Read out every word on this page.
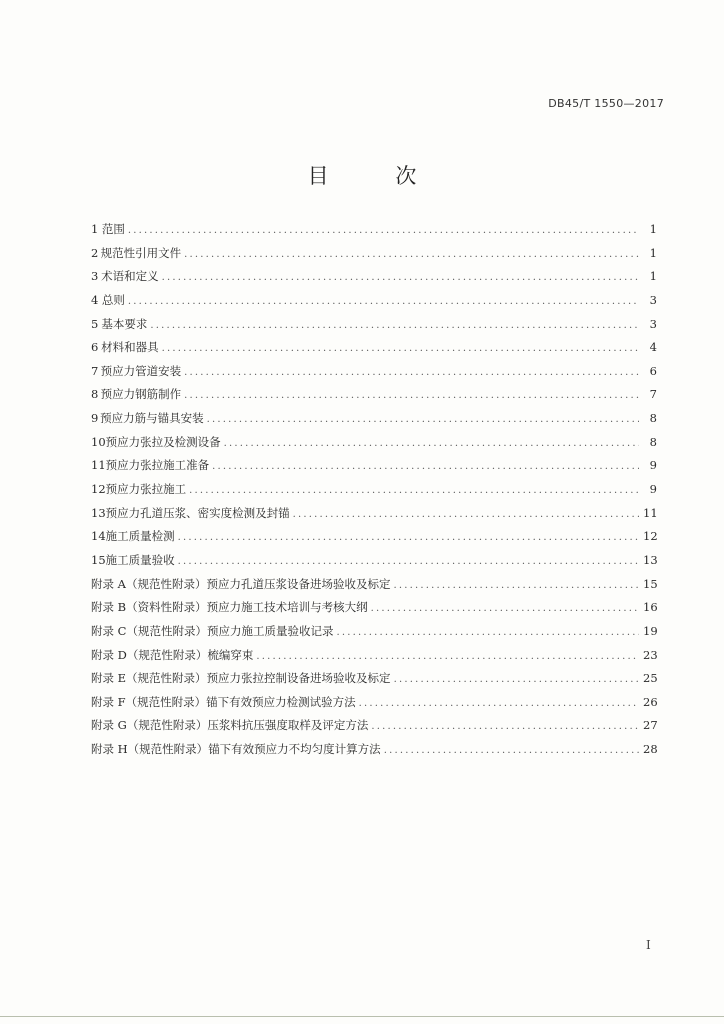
DB45/T 1550—2017
目 次
1 范围 .....	1
2 规范性引用文件 .....	1
3 术语和定义 .....	1
4 总则 .....	3
5 基本要求 .....	3
6 材料和器具 .....	4
7 预应力管道安装 .....	6
8 预应力钢筋制作 .....	7
9 预应力筋与锚具安装 .....	8
10 预应力张拉及检测设备 .....	8
11 预应力张拉施工准备 .....	9
12 预应力张拉施工 .....	9
13 预应力孔道压浆、密实度检测及封锚 .....	11
14 施工质量检测 .....	12
15 施工质量验收 .....	13
附录 A（规范性附录） 预应力孔道压浆设备进场验收及标定 .....	15
附录 B（资料性附录） 预应力施工技术培训与考核大纲 .....	16
附录 C（规范性附录） 预应力施工质量验收记录 .....	19
附录 D（规范性附录） 梳编穿束 .....	23
附录 E（规范性附录） 预应力张拉控制设备进场验收及标定 .....	25
附录 F（规范性附录） 锚下有效预应力检测试验方法 .....	26
附录 G（规范性附录） 压浆料抗压强度取样及评定方法 .....	27
附录 H（规范性附录） 锚下有效预应力不均匀度计算方法 .....	28
I
